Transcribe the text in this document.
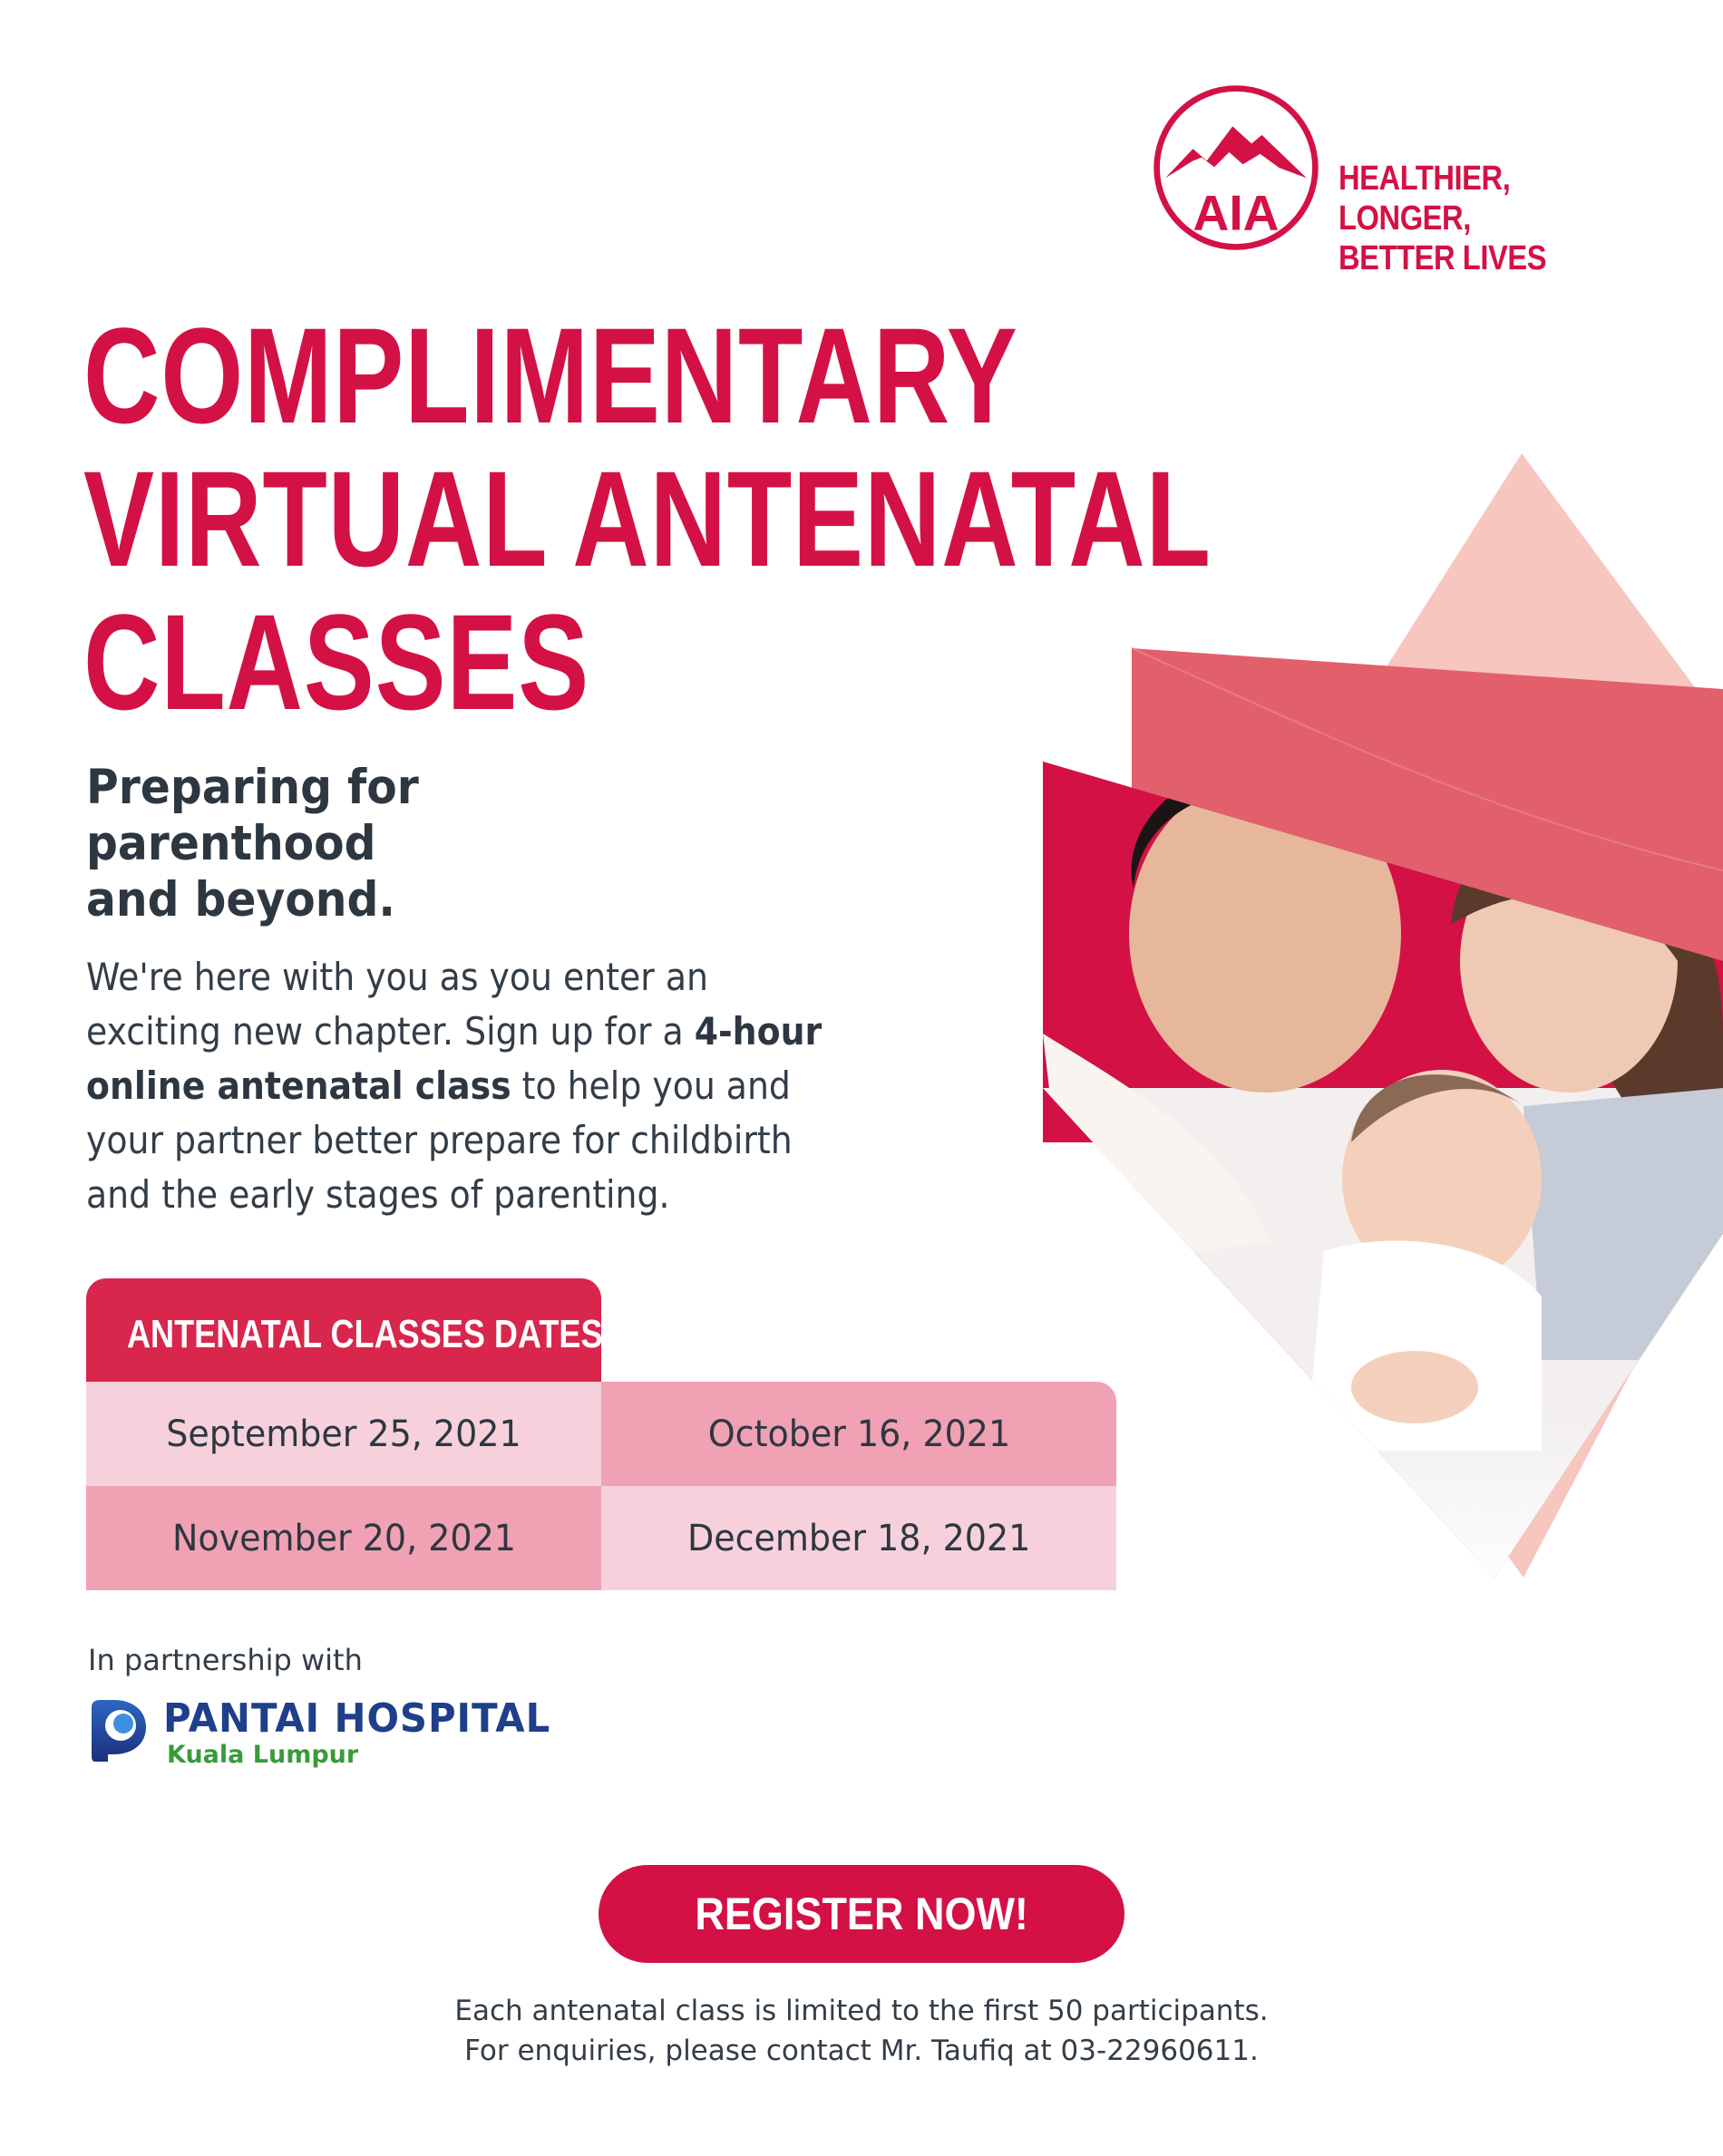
AIA
HEALTHIER, LONGER,
BETTER LIVES
COMPLIMENTARY
VIRTUAL ANTENATAL
CLASSES
Preparing for parenthood
and beyond.

We're here with you as you enter an
exciting new chapter. Sign up for a 4-hour
online antenatal class to help you and
your partner better prepare for childbirth
and the early stages of parenting.

ANTENATAL CLASSES DATES:
September 25, 2021	October 16, 2021
November 20, 2021	December 18, 2021
In partnership with
PANTAI HOSPITAL
Kuala Lumpur
REGISTER NOW!
Each antenatal class is limited to the first 50 participants.
For enquiries, please contact Mr. Taufiq at 03-22960611.
